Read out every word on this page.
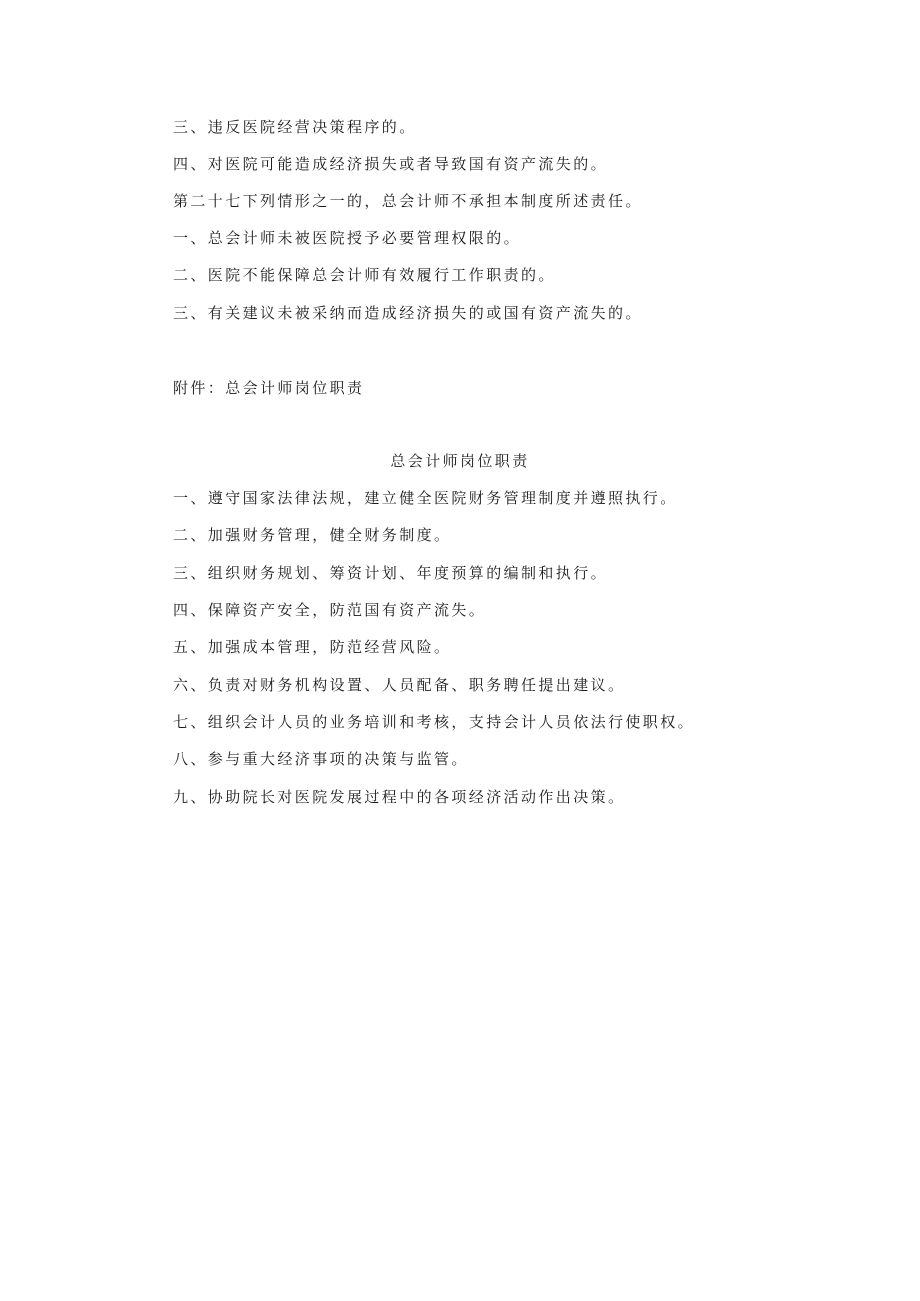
三、违反医院经营决策程序的。
四、对医院可能造成经济损失或者导致国有资产流失的。
第二十七下列情形之一的，总会计师不承担本制度所述责任。
一、总会计师未被医院授予必要管理权限的。
二、医院不能保障总会计师有效履行工作职责的。
三、有关建议未被采纳而造成经济损失的或国有资产流失的。
附件：总会计师岗位职责
总会计师岗位职责
一、遵守国家法律法规，建立健全医院财务管理制度并遵照执行。
二、加强财务管理，健全财务制度。
三、组织财务规划、筹资计划、年度预算的编制和执行。
四、保障资产安全，防范国有资产流失。
五、加强成本管理，防范经营风险。
六、负责对财务机构设置、人员配备、职务聘任提出建议。
七、组织会计人员的业务培训和考核，支持会计人员依法行使职权。
八、参与重大经济事项的决策与监管。
九、协助院长对医院发展过程中的各项经济活动作出决策。
